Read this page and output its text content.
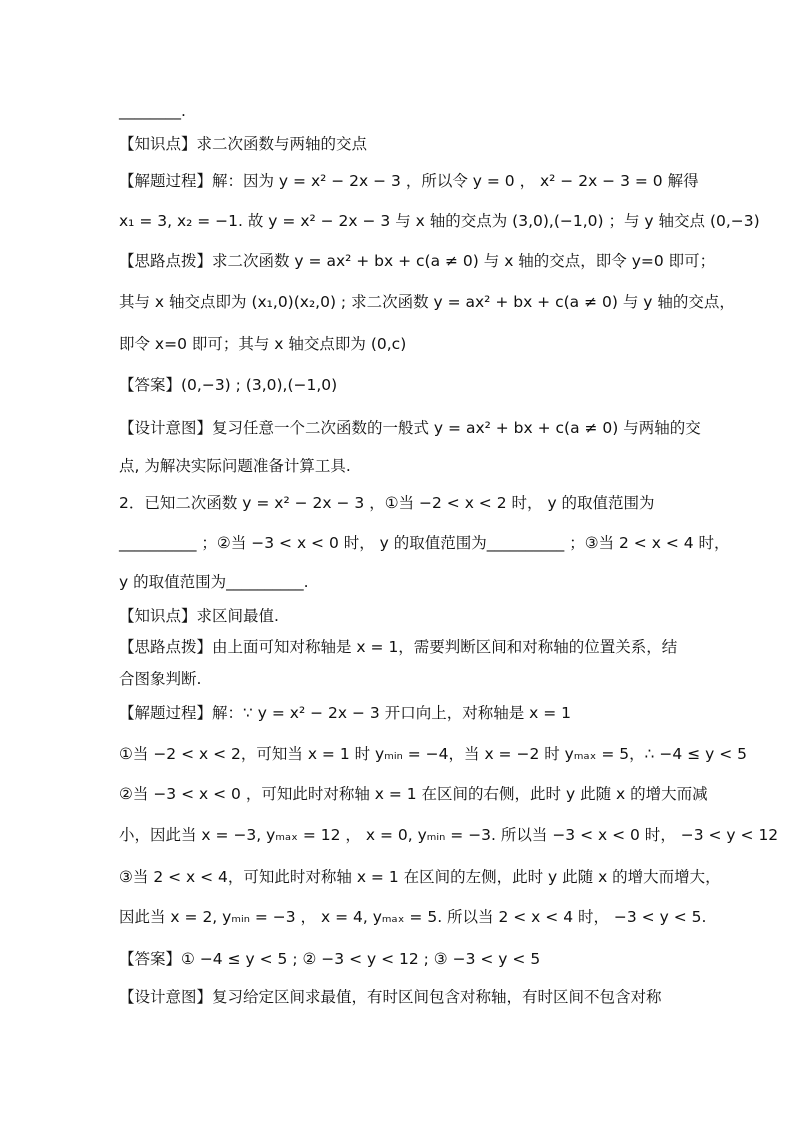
________.
【知识点】求二次函数与两轴的交点
【解题过程】解：因为 y = x² − 2x − 3 ，所以令 y = 0 ， x² − 2x − 3 = 0 解得
x₁ = 3, x₂ = −1. 故 y = x² − 2x − 3 与 x 轴的交点为 (3,0),(−1,0) ；与 y 轴交点 (0,−3)
【思路点拨】求二次函数 y = ax² + bx + c(a ≠ 0) 与 x 轴的交点，即令 y=0 即可；
其与 x 轴交点即为 (x₁,0)(x₂,0) ; 求二次函数 y = ax² + bx + c(a ≠ 0) 与 y 轴的交点，
即令 x=0 即可；其与 x 轴交点即为 (0,c)
【答案】(0,−3) ; (3,0),(−1,0)
【设计意图】复习任意一个二次函数的一般式 y = ax² + bx + c(a ≠ 0) 与两轴的交
点, 为解决实际问题准备计算工具.
2．已知二次函数 y = x² − 2x − 3 ，①当 −2 < x < 2 时， y 的取值范围为
__________ ；②当 −3 < x < 0 时， y 的取值范围为__________ ；③当 2 < x < 4 时，
y 的取值范围为__________.
【知识点】求区间最值.
【思路点拨】由上面可知对称轴是 x = 1，需要判断区间和对称轴的位置关系，结
合图象判断.
【解题过程】解：∵ y = x² − 2x − 3 开口向上，对称轴是 x = 1
①当 −2 < x < 2，可知当 x = 1 时 yₘᵢₙ = −4，当 x = −2 时 yₘₐₓ = 5，∴ −4 ≤ y < 5
②当 −3 < x < 0 ，可知此时对称轴 x = 1 在区间的右侧，此时 y 此随 x 的增大而减
小，因此当 x = −3, yₘₐₓ = 12 ， x = 0, yₘᵢₙ = −3. 所以当 −3 < x < 0 时， −3 < y < 12
③当 2 < x < 4，可知此时对称轴 x = 1 在区间的左侧，此时 y 此随 x 的增大而增大，
因此当 x = 2, yₘᵢₙ = −3 ， x = 4, yₘₐₓ = 5. 所以当 2 < x < 4 时， −3 < y < 5.
【答案】① −4 ≤ y < 5 ; ② −3 < y < 12 ; ③ −3 < y < 5
【设计意图】复习给定区间求最值，有时区间包含对称轴，有时区间不包含对称
